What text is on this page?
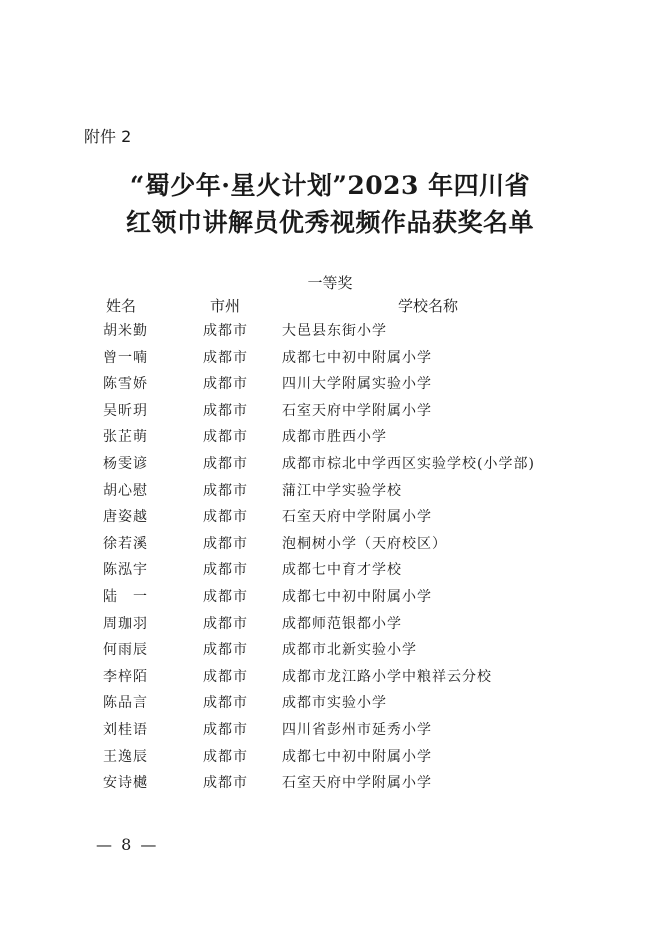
附件 2
“蜀少年·星火计划”2023 年四川省
红领巾讲解员优秀视频作品获奖名单
一等奖
姓名	市州	学校名称
胡米勤	成都市 大邑县东街小学
曾一喃	成都市 成都七中初中附属小学
陈雪娇	成都市 四川大学附属实验小学
吴昕玥	成都市 石室天府中学附属小学
张芷萌	成都市 成都市胜西小学
杨雯谚	成都市 成都市棕北中学西区实验学校(小学部)
胡心慰	成都市 蒲江中学实验学校
唐姿越	成都市 石室天府中学附属小学
徐若溪	成都市 泡桐树小学（天府校区）
陈泓宇	成都市 成都七中育才学校
陆　一	成都市 成都七中初中附属小学
周珈羽	成都市 成都师范银都小学
何雨辰	成都市 成都市北新实验小学
李梓陌	成都市 成都市龙江路小学中粮祥云分校
陈品言	成都市 成都市实验小学
刘桂语	成都市 四川省彭州市延秀小学
王逸辰	成都市 成都七中初中附属小学
安诗樾	成都市 石室天府中学附属小学
— 8 —
